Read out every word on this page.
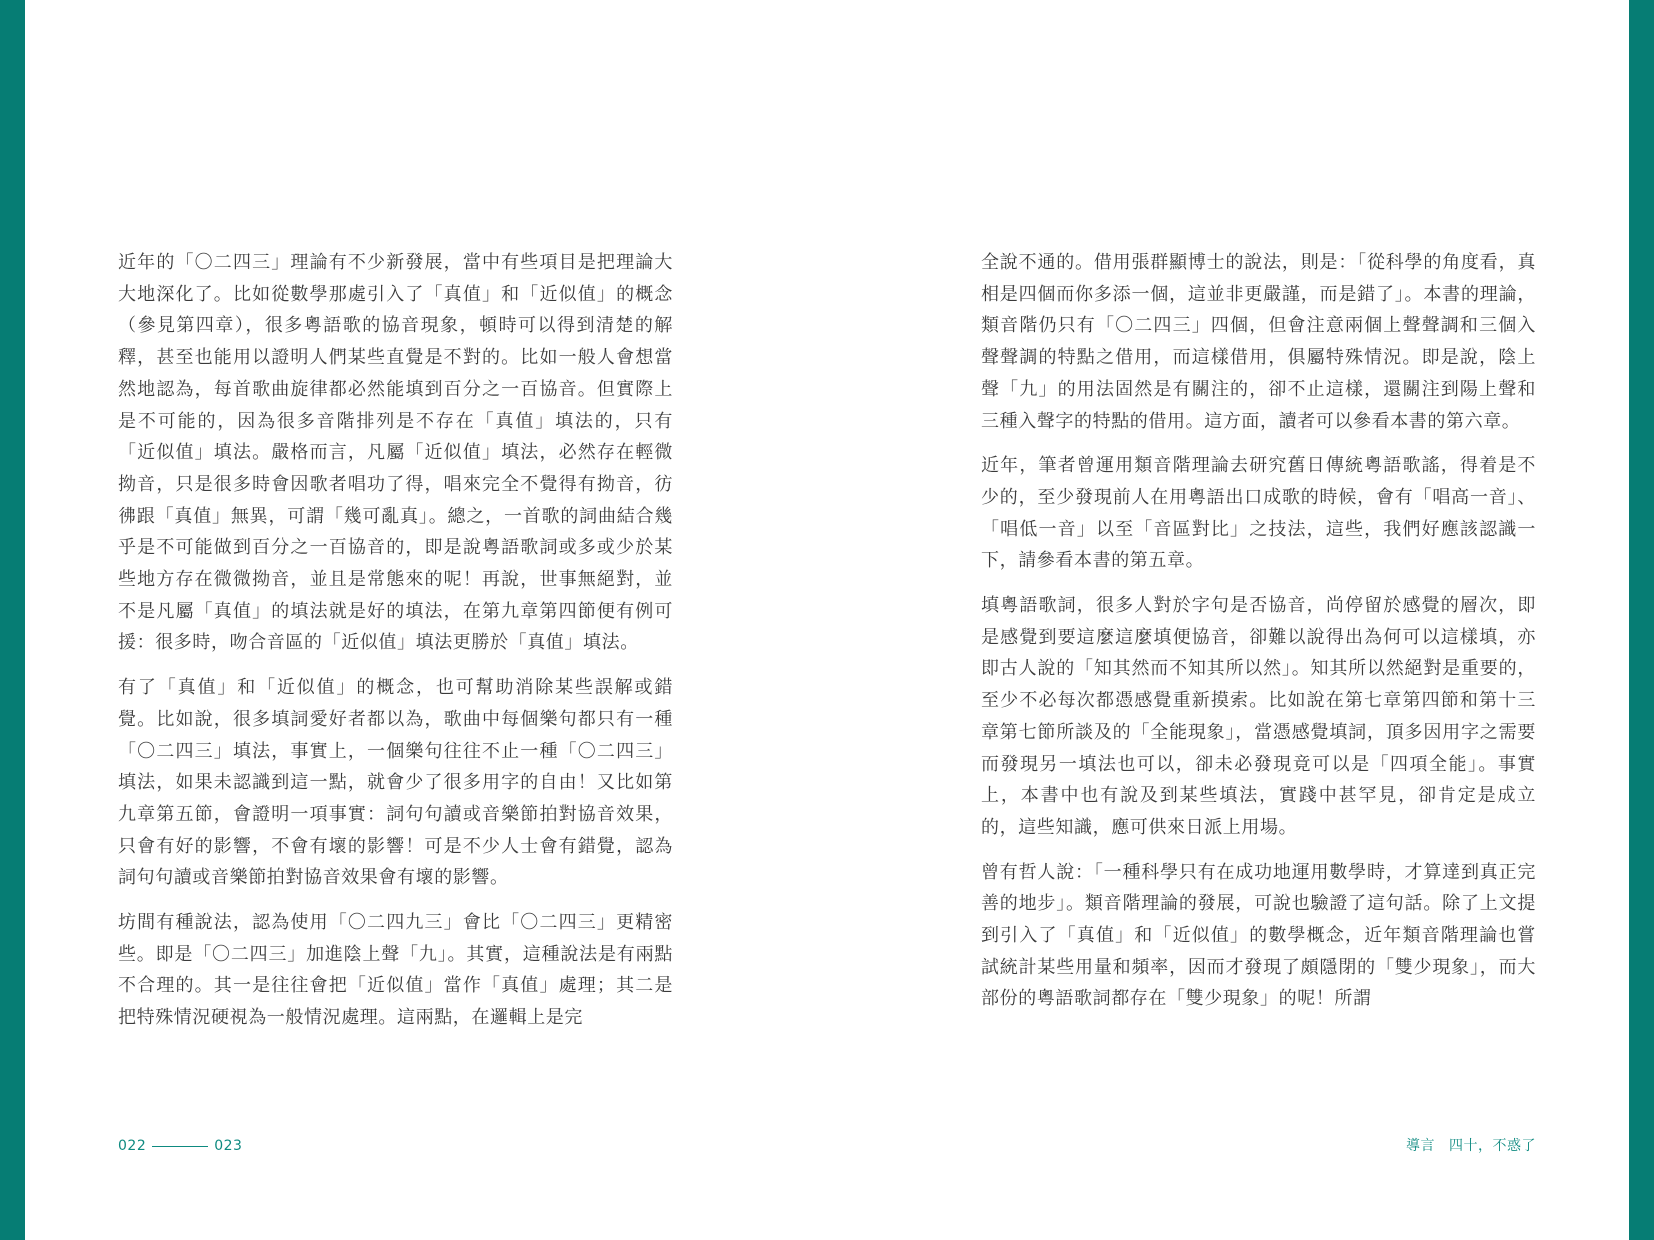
近年的「〇二四三」理論有不少新發展，當中有些項目是把理論大大地深化了。比如從數學那處引入了「真值」和「近似值」的概念（參見第四章），很多粵語歌的協音現象，頓時可以得到清楚的解釋，甚至也能用以證明人們某些直覺是不對的。比如一般人會想當然地認為，每首歌曲旋律都必然能填到百分之一百協音。但實際上是不可能的，因為很多音階排列是不存在「真值」填法的，只有「近似值」填法。嚴格而言，凡屬「近似值」填法，必然存在輕微拗音，只是很多時會因歌者唱功了得，唱來完全不覺得有拗音，彷彿跟「真值」無異，可謂「幾可亂真」。總之，一首歌的詞曲結合幾乎是不可能做到百分之一百協音的，即是說粵語歌詞或多或少於某些地方存在微微拗音，並且是常態來的呢！再說，世事無絕對，並不是凡屬「真值」的填法就是好的填法，在第九章第四節便有例可援：很多時，吻合音區的「近似值」填法更勝於「真值」填法。

有了「真值」和「近似值」的概念，也可幫助消除某些誤解或錯覺。比如說，很多填詞愛好者都以為，歌曲中每個樂句都只有一種「〇二四三」填法，事實上，一個樂句往往不止一種「〇二四三」填法，如果未認識到這一點，就會少了很多用字的自由！又比如第九章第五節，會證明一項事實：詞句句讀或音樂節拍對協音效果，只會有好的影響，不會有壞的影響！可是不少人士會有錯覺，認為詞句句讀或音樂節拍對協音效果會有壞的影響。

坊間有種說法，認為使用「〇二四九三」會比「〇二四三」更精密些。即是「〇二四三」加進陰上聲「九」。其實，這種說法是有兩點不合理的。其一是往往會把「近似值」當作「真值」處理；其二是把特殊情況硬視為一般情況處理。這兩點，在邏輯上是完

全說不通的。借用張群顯博士的說法，則是：「從科學的角度看，真相是四個而你多添一個，這並非更嚴謹，而是錯了」。本書的理論，類音階仍只有「〇二四三」四個，但會注意兩個上聲聲調和三個入聲聲調的特點之借用，而這樣借用，俱屬特殊情況。即是說，陰上聲「九」的用法固然是有關注的，卻不止這樣，還關注到陽上聲和三種入聲字的特點的借用。這方面，讀者可以參看本書的第六章。

近年，筆者曾運用類音階理論去研究舊日傳統粵語歌謠，得着是不少的，至少發現前人在用粵語出口成歌的時候，會有「唱高一音」、「唱低一音」以至「音區對比」之技法，這些，我們好應該認識一下，請參看本書的第五章。

填粵語歌詞，很多人對於字句是否協音，尚停留於感覺的層次，即是感覺到要這麼這麼填便協音，卻難以說得出為何可以這樣填，亦即古人說的「知其然而不知其所以然」。知其所以然絕對是重要的，至少不必每次都憑感覺重新摸索。比如說在第七章第四節和第十三章第七節所談及的「全能現象」，當憑感覺填詞，頂多因用字之需要而發現另一填法也可以，卻未必發現竟可以是「四項全能」。事實上，本書中也有說及到某些填法，實踐中甚罕見，卻肯定是成立的，這些知識，應可供來日派上用場。

曾有哲人說：「一種科學只有在成功地運用數學時，才算達到真正完善的地步」。類音階理論的發展，可說也驗證了這句話。除了上文提到引入了「真值」和「近似值」的數學概念，近年類音階理論也嘗試統計某些用量和頻率，因而才發現了頗隱閉的「雙少現象」，而大部份的粵語歌詞都存在「雙少現象」的呢！所謂

022	023	導言 四十，不惑了
